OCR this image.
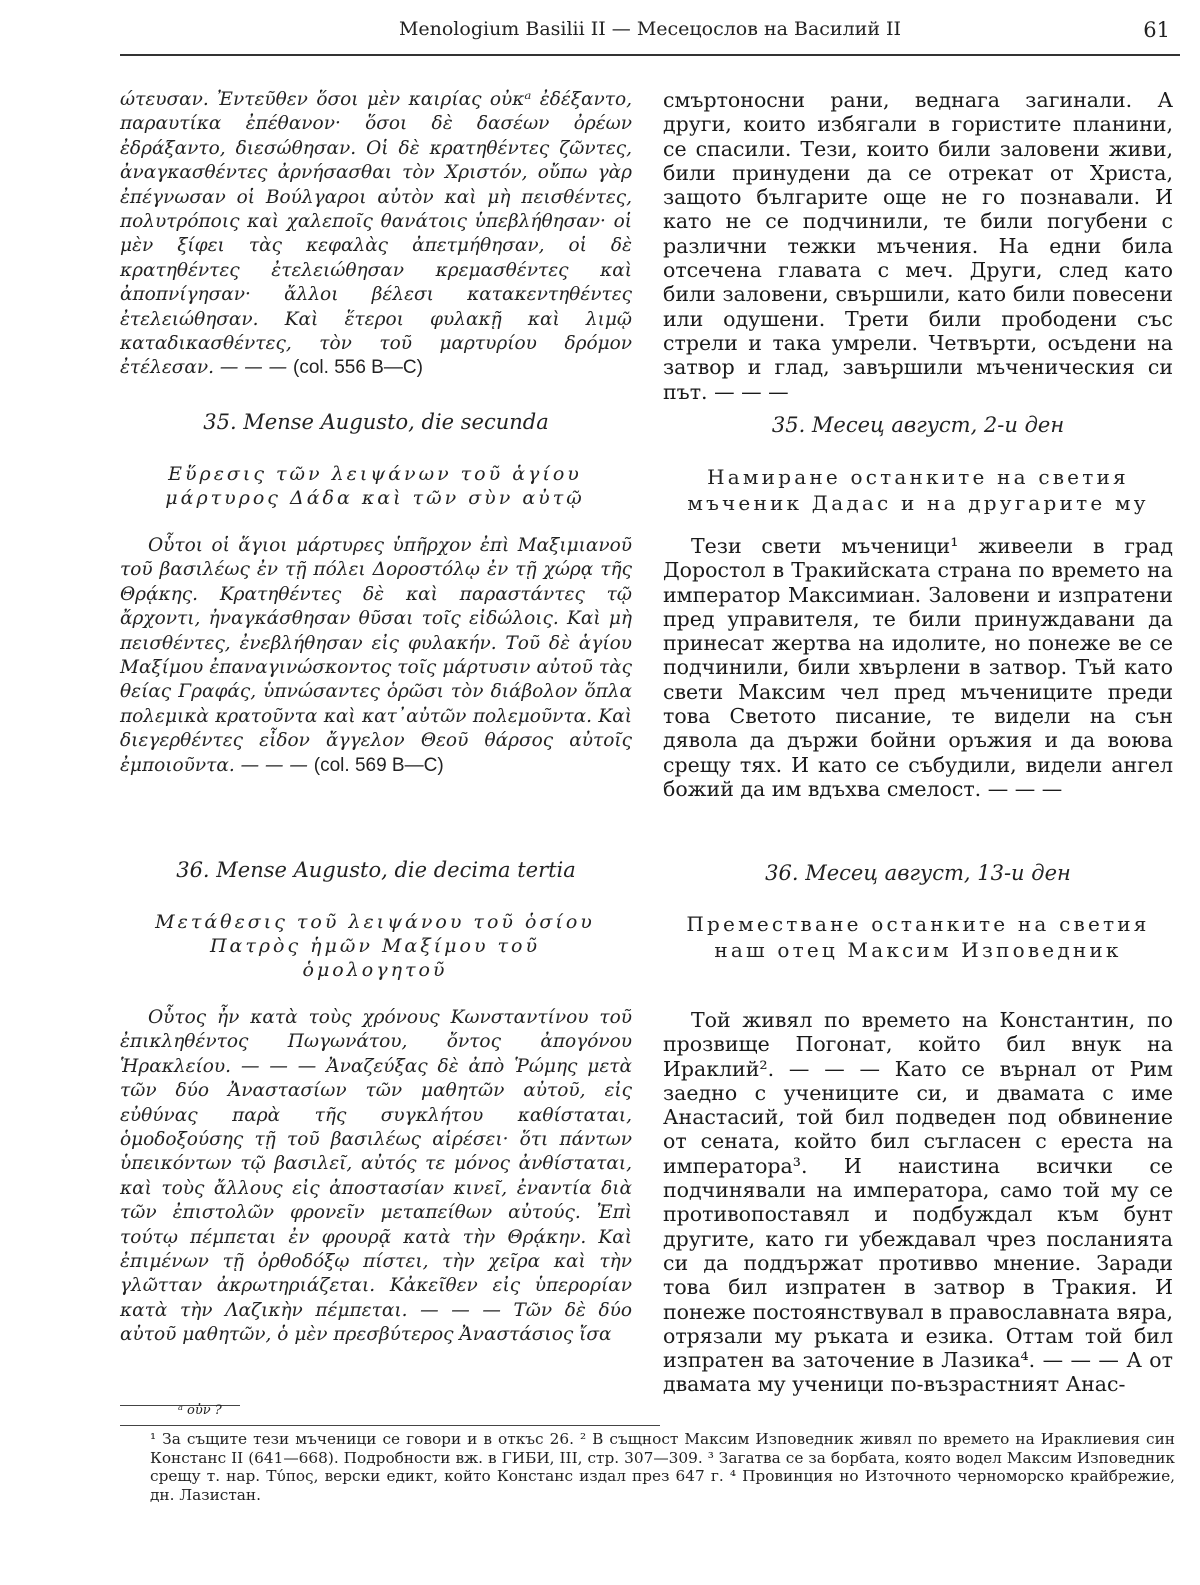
Menologium Basilii II — Месецослов на Василий II	61
ώτευσαν. Ἐντεῦθεν ὅσοι μὲν καιρίας οὐκᵃ ἐδέξαντο, παραυτίκα ἐπέθανον· ὅσοι δὲ δασέων ὀρέων ἐδράξαντο, διεσώθησαν. Οἱ δὲ κρατηθέντες ζῶντες, ἀναγκασθέντες ἀρνήσασθαι τὸν Χριστόν, οὔπω γὰρ ἐπέγνωσαν οἱ Βούλγαροι αὐτὸν καὶ μὴ πεισθέντες, πολυτρόποις καὶ χαλεποῖς θανάτοις ὑπεβλήθησαν· οἱ μὲν ξίφει τὰς κεφαλὰς ἀπετμήθησαν, οἱ δὲ κρατηθέντες ἐτελειώθησαν κρεμασθέντες καὶ ἀποπνίγησαν· ἄλλοι βέλεσι κατακεντηθέντες ἐτελειώθησαν. Καὶ ἕτεροι φυλακῇ καὶ λιμῷ καταδικασθέντες, τὸν τοῦ μαρτυρίου δρόμον ἐτέλεσαν. — — — (col. 556 B—C)
смъртоносни рани, веднага загинали. А други, които избягали в гористите планини, се спасили. Тези, които били заловени живи, били принудени да се отрекат от Христа, защото българите още не го познавали. И като не се подчинили, те били погубени с различни тежки мъчения. На едни била отсечена главата с меч. Други, след като били заловени, свършили, като били повесени или одушени. Трети били прободени със стрели и така умрели. Четвърти, осъдени на затвор и глад, завършили мъченическия си път. — — —
35. Mense Augusto, die secunda	35. Месец август, 2-и ден
Εὕρεσις τῶν λειψάνων τοῦ ἁγίου μάρτυρος Δάδα καὶ τῶν σὺν αὐτῷ
Намиране останките на светия мъченик Дадас и на другарите му
Οὗτοι οἱ ἅγιοι μάρτυρες ὑπῆρχον ἐπὶ Μαξιμιανοῦ τοῦ βασιλέως ἐν τῇ πόλει Δοροστόλῳ ἐν τῇ χώρᾳ τῆς Θρᾴκης. Κρατηθέντες δὲ καὶ παραστάντες τῷ ἄρχοντι, ἠναγκάσθησαν θῦσαι τοῖς εἰδώλοις. Καὶ μὴ πεισθέντες, ἐνεβλήθησαν εἰς φυλακήν. Τοῦ δὲ ἁγίου Μαξίμου ἐπαναγινώσκοντος τοῖς μάρτυσιν αὐτοῦ τὰς θείας Γραφάς, ὑπνώσαντες ὁρῶσι τὸν διάβολον ὅπλα πολεμικὰ κρατοῦντα καὶ κατ᾽αὐτῶν πολεμοῦντα. Καὶ διεγερθέντες εἶδον ἄγγελον Θεοῦ θάρσος αὐτοῖς ἐμποιοῦντα. — — — (col. 569 B—C)
Тези свети мъченици¹ живеели в град Доростол в Тракийската страна по времето на император Максимиан. Заловени и изпратени пред управителя, те били принуждавани да принесат жертва на идолите, но понеже ве се подчинили, били хвърлени в затвор. Тъй като свети Максим чел пред мъчениците преди това Светото писание, те видели на сън дявола да държи бойни оръжия и да воюва срещу тях. И като се събудили, видели ангел божий да им вдъхва смелост. — — —
36. Mense Augusto, die decima tertia	36. Месец август, 13-и ден
Μετάθεσις τοῦ λειψάνου τοῦ ὁσίου Πατρὸς ἡμῶν Μαξίμου τοῦ ὁμολογητοῦ
Преместване останките на светия наш отец Максим Изповедник
Οὗτος ἦν κατὰ τοὺς χρόνους Κωνσταντίνου τοῦ ἐπικληθέντος Πωγωνάτου, ὄντος ἀπογόνου Ἡρακλείου. — — — Ἀναζεύξας δὲ ἀπὸ Ῥώμης μετὰ τῶν δύο Ἀναστασίων τῶν μαθητῶν αὐτοῦ, εἰς εὐθύνας παρὰ τῆς συγκλήτου καθίσταται, ὁμοδοξούσης τῇ τοῦ βασιλέως αἱρέσει· ὅτι πάντων ὑπεικόντων τῷ βασιλεῖ, αὐτός τε μόνος ἀνθίσταται, καὶ τοὺς ἄλλους εἰς ἀποστασίαν κινεῖ, ἐναντία διὰ τῶν ἐπιστολῶν φρονεῖν μεταπείθων αὐτούς. Ἐπὶ τούτῳ πέμπεται ἐν φρουρᾷ κατὰ τὴν Θρᾴκην. Καὶ ἐπιμένων τῇ ὀρθοδόξῳ πίστει, τὴν χεῖρα καὶ τὴν γλῶτταν ἀκρωτηριάζεται. Κἀκεῖθεν εἰς ὑπερορίαν κατὰ τὴν Λαζικὴν πέμπεται. — — — Τῶν δὲ δύο αὐτοῦ μαθητῶν, ὁ μὲν πρεσβύτερος Ἀναστάσιος ἴσα
Той живял по времето на Константин, по прозвище Погонат, който бил внук на Ираклий². — — — Като се върнал от Рим заедно с учениците си, и двамата с име Анастасий, той бил подведен под обвинение от сената, който бил съгласен с ереста на императора³. И наистина всички се подчинявали на императора, само той му се противопоставял и подбуждал към бунт другите, като ги убеждавал чрез посланията си да поддържат противво мнение. Заради това бил изпратен в затвор в Тракия. И понеже постоянствувал в православната вяра, отрязали му ръката и езика. Оттам той бил изпратен ва заточение в Лазика⁴. — — — А от двамата му ученици по-възрастният Анас-
ᵃ οὐν ?
¹ За същите тези мъченици се говори и в откъс 26. ² В същност Максим Изповедник живял по времето на Ираклиевия син Констанс II (641—668). Подробности вж. в ГИБИ, III, стр. 307—309. ³ Загатва се за борбата, която водел Максим Изповедник срещу т. нар. Τύπος, верски едикт, който Констанс издал през 647 г. ⁴ Провинция но Източното черноморско крайбрежие, дн. Лазистан.
